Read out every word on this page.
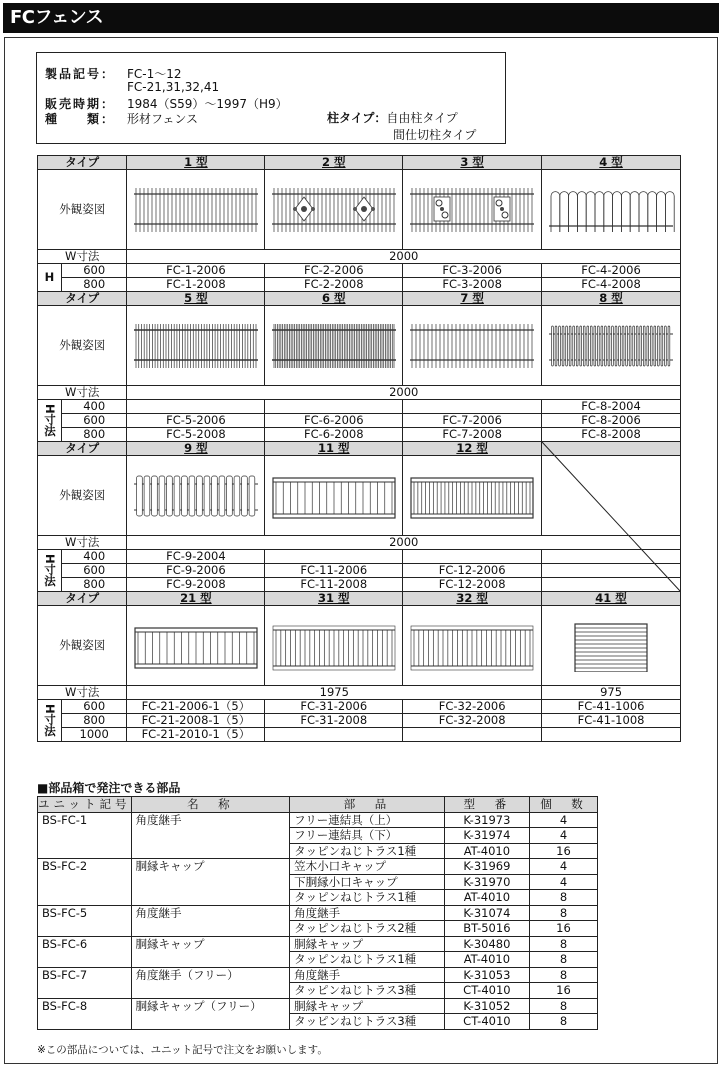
FCフェンス
製品記号： FC-1〜12
FC-21,31,32,41
販売時期： 1984（S59）〜1997（H9）
種　　類： 形材フェンス	柱タイプ：自由柱タイプ
間仕切柱タイプ
タイプ		1 型	2 型	3 型	4 型
外観姿図	

W寸法		2000			
H	600	FC-1-2006	FC-2-2006	FC-3-2006	FC-4-2006
	800	FC-1-2008	FC-2-2008	FC-3-2008	FC-4-2008
タイプ		5 型	6 型	7 型	8 型
外観姿図	

W寸法		2000			
H寸法	400				FC-8-2004
	600	FC-5-2006	FC-6-2006	FC-7-2006	FC-8-2006
	800	FC-5-2008	FC-6-2008	FC-7-2008	FC-8-2008
タイプ		9 型	11 型	12 型	
外観姿図	

W寸法		2000			
H寸法	400	FC-9-2004			
	600	FC-9-2006	FC-11-2006	FC-12-2006	
	800	FC-9-2008	FC-11-2008	FC-12-2008	
タイプ		21 型	31 型	32 型	41 型
外観姿図	

W寸法		1975			975
H寸法	600	FC-21-2006-1（5）	FC-31-2006	FC-32-2006	FC-41-1006
	800	FC-21-2008-1（5）	FC-31-2008	FC-32-2008	FC-41-1008
	1000	FC-21-2010-1（5）			
■部品箱で発注できる部品
ユニット記号	名　称	部　品	型　番	個　数
BS-FC-1	角度継手	フリー連結具（上）	K-31973	4
		フリー連結具（下）	K-31974	4
		タッピンねじトラス1種	AT-4010	16
BS-FC-2	胴縁キャップ	笠木小口キャップ	K-31969	4
		下胴縁小口キャップ	K-31970	4
		タッピンねじトラス1種	AT-4010	8
BS-FC-5	角度継手	角度継手	K-31074	8
		タッピンねじトラス2種	BT-5016	16
BS-FC-6	胴縁キャップ	胴縁キャップ	K-30480	8
		タッピンねじトラス1種	AT-4010	8
BS-FC-7	角度継手（フリー）	角度継手	K-31053	8
		タッピンねじトラス3種	CT-4010	16
BS-FC-8	胴縁キャップ（フリー）	胴縁キャップ	K-31052	8
		タッピンねじトラス3種	CT-4010	8
※この部品については、ユニット記号で注文をお願いします。
